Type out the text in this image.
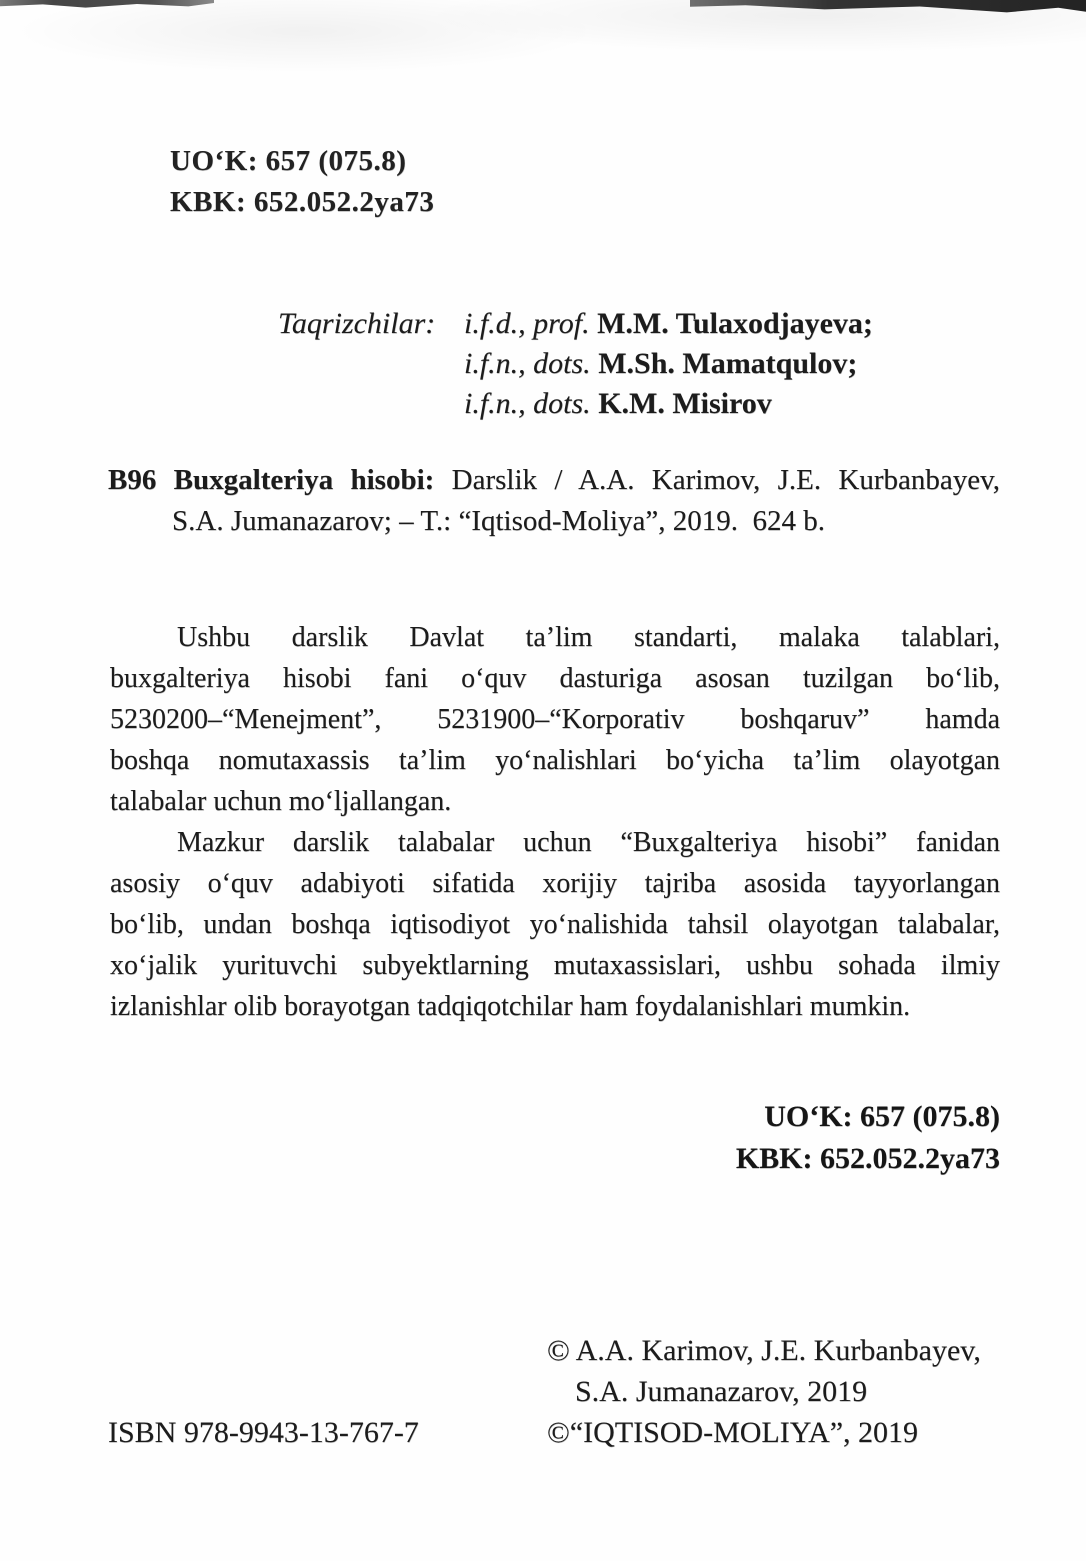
UO‘K: 657 (075.8)
KBK: 652.052.2ya73
Taqrizchilar: i.f.d., prof. M.M. Tulaxodjayeva;
i.f.n., dots. M.Sh. Mamatqulov;
i.f.n., dots. K.M. Misirov
B96 Buxgalteriya hisobi: Darslik / A.A. Karimov, J.E. Kurbanbayev,
S.A. Jumanazarov; – T.: “Iqtisod-Moliya”, 2019.  624 b.
Ushbu darslik Davlat ta’lim standarti, malaka talablari,
buxgalteriya hisobi fani o‘quv dasturiga asosan tuzilgan bo‘lib,
5230200–“Menejment”, 5231900–“Korporativ boshqaruv” hamda
boshqa nomutaxassis ta’lim yo‘nalishlari bo‘yicha ta’lim olayotgan
talabalar uchun mo‘ljallangan.
Mazkur darslik talabalar uchun “Buxgalteriya hisobi” fanidan
asosiy o‘quv adabiyoti sifatida xorijiy tajriba asosida tayyorlangan
bo‘lib, undan boshqa iqtisodiyot yo‘nalishida tahsil olayotgan talabalar,
xo‘jalik yurituvchi subyektlarning mutaxassislari, ushbu sohada ilmiy
izlanishlar olib borayotgan tadqiqotchilar ham foydalanishlari mumkin.
UO‘K: 657 (075.8)
KBK: 652.052.2ya73
© A.A. Karimov, J.E. Kurbanbayev,
S.A. Jumanazarov, 2019
©“IQTISOD-MOLIYA”, 2019
ISBN 978-9943-13-767-7
